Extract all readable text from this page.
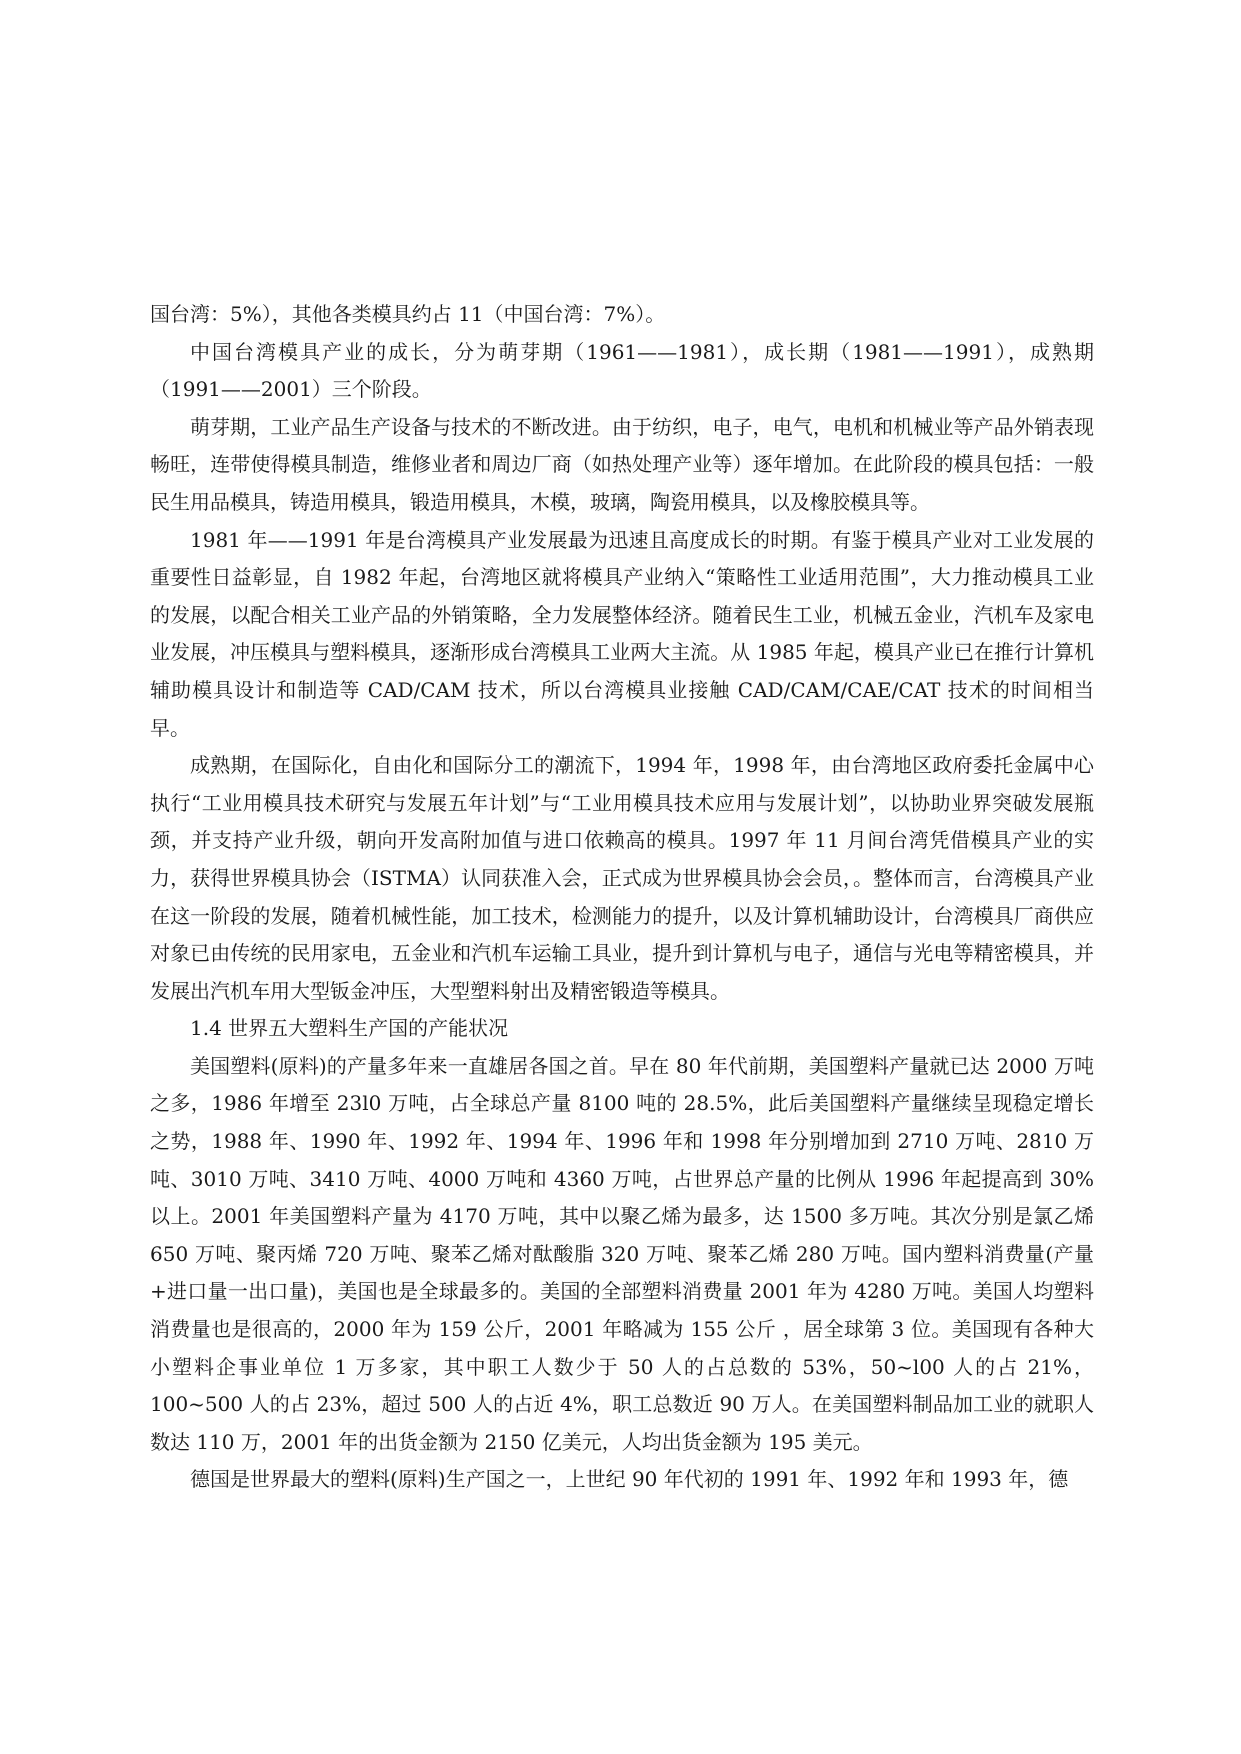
国台湾：5%），其他各类模具约占 11（中国台湾：7%）。

中国台湾模具产业的成长，分为萌芽期（1961——1981），成长期（1981——1991），成熟期（1991——2001）三个阶段。

萌芽期，工业产品生产设备与技术的不断改进。由于纺织，电子，电气，电机和机械业等产品外销表现畅旺，连带使得模具制造，维修业者和周边厂商（如热处理产业等）逐年增加。在此阶段的模具包括：一般民生用品模具，铸造用模具，锻造用模具，木模，玻璃，陶瓷用模具，以及橡胶模具等。

1981 年——1991 年是台湾模具产业发展最为迅速且高度成长的时期。有鉴于模具产业对工业发展的重要性日益彰显，自 1982 年起，台湾地区就将模具产业纳入“策略性工业适用范围”，大力推动模具工业的发展，以配合相关工业产品的外销策略，全力发展整体经济。随着民生工业，机械五金业，汽机车及家电业发展，冲压模具与塑料模具，逐渐形成台湾模具工业两大主流。从 1985 年起，模具产业已在推行计算机辅助模具设计和制造等 CAD/CAM 技术，所以台湾模具业接触 CAD/CAM/CAE/CAT 技术的时间相当早。

成熟期，在国际化，自由化和国际分工的潮流下，1994 年，1998 年，由台湾地区政府委托金属中心执行“工业用模具技术研究与发展五年计划”与“工业用模具技术应用与发展计划”，以协助业界突破发展瓶颈，并支持产业升级，朝向开发高附加值与进口依赖高的模具。1997 年 11 月间台湾凭借模具产业的实力，获得世界模具协会（ISTMA）认同获准入会，正式成为世界模具协会会员，。整体而言，台湾模具产业在这一阶段的发展，随着机械性能，加工技术，检测能力的提升，以及计算机辅助设计，台湾模具厂商供应对象已由传统的民用家电，五金业和汽机车运输工具业，提升到计算机与电子，通信与光电等精密模具，并发展出汽机车用大型钣金冲压，大型塑料射出及精密锻造等模具。

1.4 世界五大塑料生产国的产能状况

美国塑料(原料)的产量多年来一直雄居各国之首。早在 80 年代前期，美国塑料产量就已达 2000 万吨之多，1986 年增至 23l0 万吨，占全球总产量 8100 吨的 28.5%，此后美国塑料产量继续呈现稳定增长之势，1988 年、1990 年、1992 年、1994 年、1996 年和 1998 年分别增加到 2710 万吨、2810 万吨、3010 万吨、3410 万吨、4000 万吨和 4360 万吨，占世界总产量的比例从 1996 年起提高到 30%以上。2001 年美国塑料产量为 4170 万吨，其中以聚乙烯为最多，达 1500 多万吨。其次分别是氯乙烯 650 万吨、聚丙烯 720 万吨、聚苯乙烯对酞酸脂 320 万吨、聚苯乙烯 280 万吨。国内塑料消费量(产量+进口量一出口量)，美国也是全球最多的。美国的全部塑料消费量 2001 年为 4280 万吨。美国人均塑料消费量也是很高的，2000 年为 159 公斤，2001 年略减为 155 公斤 ，居全球第 3 位。美国现有各种大小塑料企事业单位 1 万多家，其中职工人数少于 50 人的占总数的 53%，50~l00 人的占 21%，100~500 人的占 23%，超过 500 人的占近 4%，职工总数近 90 万人。在美国塑料制品加工业的就职人数达 110 万，2001 年的出货金额为 2150 亿美元，人均出货金额为 195 美元。

德国是世界最大的塑料(原料)生产国之一，上世纪 90 年代初的 1991 年、1992 年和 1993 年，德
